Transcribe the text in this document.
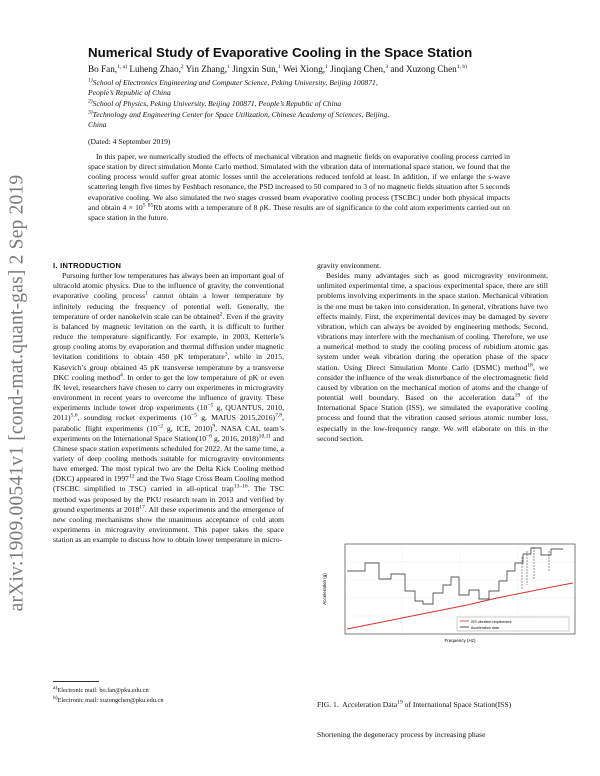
arXiv:1909.00541v1 [cond-mat.quant-gas] 2 Sep 2019
Numerical Study of Evaporative Cooling in the Space Station
Bo Fan,$^{1, a)}$ Luheng Zhao,$^2$ Yin Zhang,$^1$ Jingxin Sun,$^1$ Wei Xiong,$^1$ Jinqiang Chen,$^3$ and Xuzong Chen$^{1, b)}$
$^{1)}$School of Electronics Engineering and Computer Science, Peking University, Beijing 100871,
People’s Republic of China
$^{2)}$School of Physics, Peking University, Beijing 100871, People’s Republic of China
$^{3)}$Technology and Engineering Center for Space Utilization, Chinese Academy of Sciences, Beijing,
China
(Dated: 4 September 2019)

In this paper, we numerically studied the effects of mechanical vibration and magnetic fields on evaporative cooling process carried in space station by direct simulation Monte Carlo method. Simulated with the vibration data of international space station, we found that the cooling process would suffer great atomic losses until the accelerations reduced tenfold at least. In addition, if we enlarge the s-wave scattering length five times by Feshbach resonance, the PSD increased to 50 compared to 3 of no magnetic fields situation after 5 seconds evaporative cooling. We also simulated the two stages crossed beam evaporative cooling process (TSCBC) under both physical impacts and obtain $4 \times 10^5$ $^{85}$Rb atoms with a temperature of 8 pK. These results are of significance to the cold atom experiments carried out on space station in the future.

I. INTRODUCTION

Pursuing further low temperatures has always been an important goal of ultracold atomic physics. Due to the influence of gravity, the conventional evaporative cooling process$^1$ cannot obtain a lower temperature by infinitely reducing the frequency of potential well. Generally, the temperature of order nanokelvin scale can be obtained$^2$. Even if the gravity is balanced by magnetic levitation on the earth, it is difficult to further reduce the temperature significantly. For example, in 2003, Ketterle’s group cooling atoms by evaporation and thermal diffusion under magnetic levitation conditions to obtain 450 pK temperature$^3$, while in 2015, Kasevich’s group obtained 45 pK transverse temperature by a transverse DKC cooling method$^4$. In order to get the low temperature of pK or even fK level, researchers have chosen to carry out experiments in microgravity environment in recent years to overcome the influence of gravity. These experiments include tower drop experiments ($10^{-5}$ g, QUANTUS, 2010, 2011)$^{5,6}$, sounding rocket experiments ($10^{-5}$ g, MAIUS 2015,2016)$^{7,8}$, parabolic flight experiments ($10^{-2}$ g, ICE, 2010)$^9$, NASA CAL team’s experiments on the International Space $Station(10^{-6}$ g, 2016, 2018)$^{10,11}$ and Chinese space station experiments scheduled for 2022. At the same time, a variety of deep cooling methods suitable for microgravity environments have emerged. The most typical two are the Delta Kick Cooling method (DKC) appeared in 1997$^{12}$ and the Two Stage Cross Beam Cooling method (TSCBC simplified to TSC) carried in all-optical trap$^{13-16}$. The TSC method was proposed by the PKU research team in 2013 and verified by ground experiments at 2018$^{17}$. All these experiments and the emergence of new cooling mechanisms show the unanimous acceptance of cold atom experiments in microgravity environment. This paper takes the space station as an example to discuss how to obtain lower temperature in micro-

gravity environment.

Besides many advantages such as good microgravity environment, unlimited experimental time, a spacious experimental space, there are still problems involving experiments in the space station. Mechanical vibration is the one must be taken into consideration. In general, vibrations have two effects mainly. First, the experimental devices may be damaged by severe vibration, which can always be avoided by engineering methods; Second, vibrations may interfere with the mechanism of cooling. Therefore, we use a numerical method to study the cooling process of rubidium atomic gas system under weak vibration during the operation phase of the space station. Using Direct Simulation Monte Carlo (DSMC) method$^{18}$, we consider the influence of the weak disturbance of the electromagnetic field caused by vibration on the mechanical motion of atoms and the change of potential well boundary. Based on the acceleration data$^{19}$ of the International Space Station (ISS), we simulated the evaporative cooling process and found that the vibration caused serious atomic number loss, especially in the low-frequency range. We will elaborate on this in the second section.

ISS vibration requirement
Acceleration data
Frequency (Hz)
Acceleration (g)
FIG. 1.  Acceleration Data$^{19}$ of International Space Station(ISS)
Shortening the degeneracy process by increasing phase
$^{a)}$Electronic mail: bo.fan@pku.edu.cn
$^{b)}$Electronic mail: xuzongchen@pku.edu.cn
